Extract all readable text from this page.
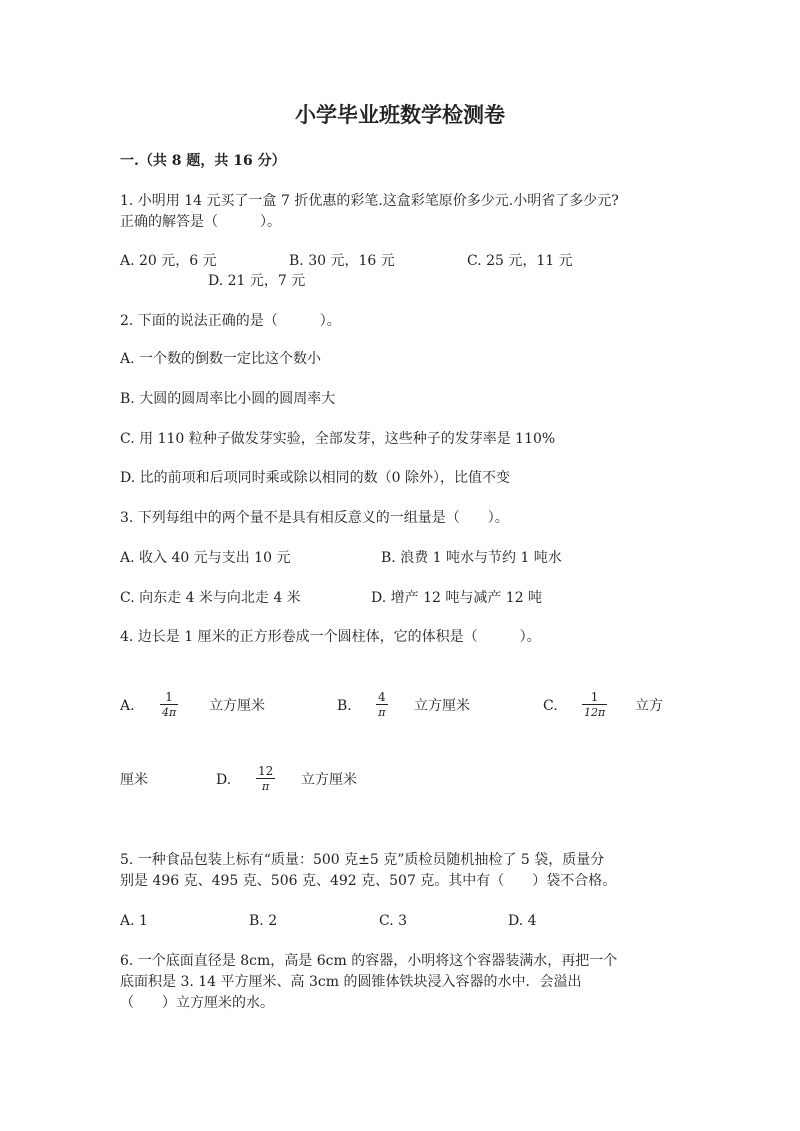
小学毕业班数学检测卷
一.（共 8 题，共 16 分）
1. 小明用 14 元买了一盒 7 折优惠的彩笔.这盒彩笔原价多少元.小明省了多少元?
正确的解答是（　　　）。
A. 20 元，6 元	B. 30 元，16 元	C. 25 元，11 元
D. 21 元，7 元
2. 下面的说法正确的是（　　　）。
A. 一个数的倒数一定比这个数小
B. 大圆的圆周率比小圆的圆周率大
C. 用 110 粒种子做发芽实验，全部发芽，这些种子的发芽率是 110%
D. 比的前项和后项同时乘或除以相同的数（0 除外），比值不变
3. 下列每组中的两个量不是具有相反意义的一组量是（　　）。
A. 收入 40 元与支出 10 元	B. 浪费 1 吨水与节约 1 吨水
C. 向东走 4 米与向北走 4 米	D. 增产 12 吨与减产 12 吨
4. 边长是 1 厘米的正方形卷成一个圆柱体，它的体积是（　　　）。
A.
1
4π 立方厘米	B.
4
π 立方厘米	C.
1
12π 立方
厘米	D.
12
π 立方厘米
5. 一种食品包装上标有“质量：500 克±5 克”质检员随机抽检了 5 袋，质量分
别是 496 克、495 克、506 克、492 克、507 克。其中有（　　）袋不合格。
A. 1	B. 2	C. 3	D. 4
6. 一个底面直径是 8cm，高是 6cm 的容器，小明将这个容器装满水，再把一个
底面积是 3. 14 平方厘米、高 3cm 的圆锥体铁块浸入容器的水中．会溢出
（　　）立方厘米的水。
